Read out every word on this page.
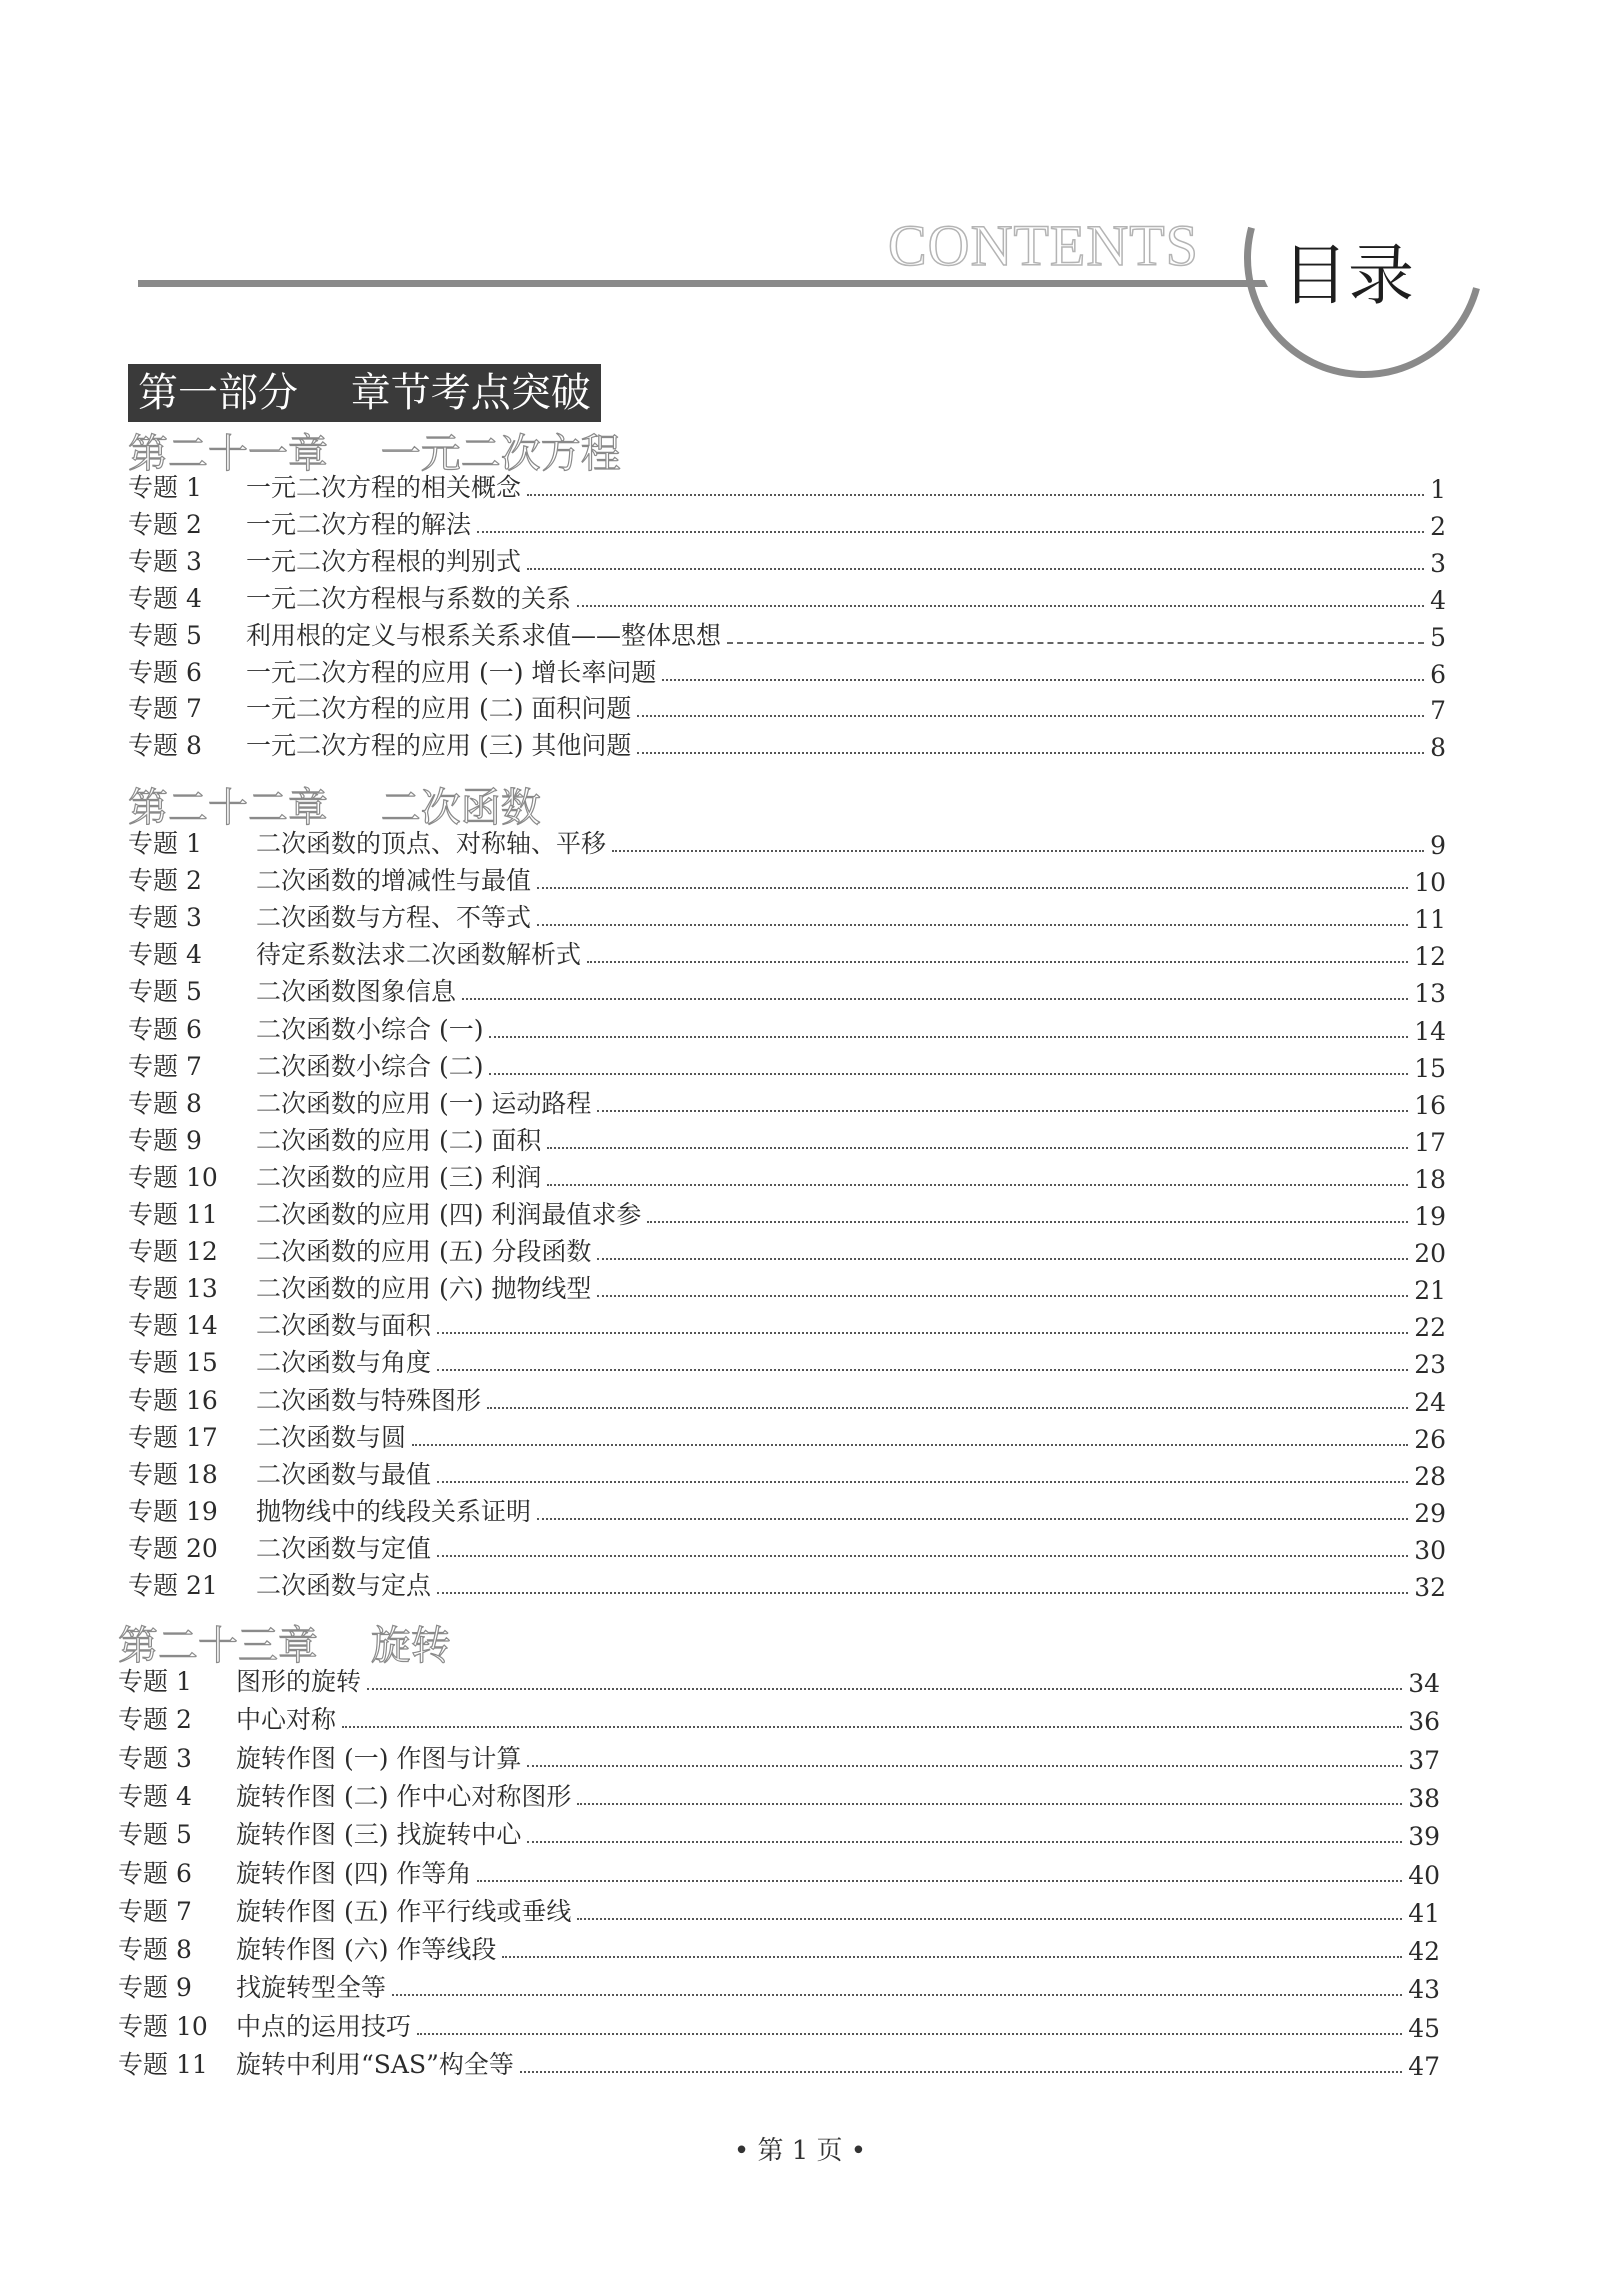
CONTENTS 目录
第一部分　 章节考点突破
第二十一章　 一元二次方程
专题 1	一元二次方程的相关概念	1
专题 2	一元二次方程的解法	2
专题 3	一元二次方程根的判别式	3
专题 4	一元二次方程根与系数的关系	4
专题 5	利用根的定义与根系关系求值——整体思想	5
专题 6	一元二次方程的应用 (一) 增长率问题	6
专题 7	一元二次方程的应用 (二) 面积问题	7
专题 8	一元二次方程的应用 (三) 其他问题	8
第二十二章　 二次函数
专题 1	二次函数的顶点、对称轴、平移	9
专题 2	二次函数的增减性与最值	10
专题 3	二次函数与方程、不等式	11
专题 4	待定系数法求二次函数解析式	12
专题 5	二次函数图象信息	13
专题 6	二次函数小综合 (一)	14
专题 7	二次函数小综合 (二)	15
专题 8	二次函数的应用 (一) 运动路程	16
专题 9	二次函数的应用 (二) 面积	17
专题 10	二次函数的应用 (三) 利润	18
专题 11	二次函数的应用 (四) 利润最值求参	19
专题 12	二次函数的应用 (五) 分段函数	20
专题 13	二次函数的应用 (六) 抛物线型	21
专题 14	二次函数与面积	22
专题 15	二次函数与角度	23
专题 16	二次函数与特殊图形	24
专题 17	二次函数与圆	26
专题 18	二次函数与最值	28
专题 19	抛物线中的线段关系证明	29
专题 20	二次函数与定值	30
专题 21	二次函数与定点	32
第二十三章　 旋转
专题 1	图形的旋转	34
专题 2	中心对称	36
专题 3	旋转作图 (一) 作图与计算	37
专题 4	旋转作图 (二) 作中心对称图形	38
专题 5	旋转作图 (三) 找旋转中心	39
专题 6	旋转作图 (四) 作等角	40
专题 7	旋转作图 (五) 作平行线或垂线	41
专题 8	旋转作图 (六) 作等线段	42
专题 9	找旋转型全等	43
专题 10	中点的运用技巧	45
专题 11	旋转中利用“SAS”构全等	47
• 第 1 页 •
